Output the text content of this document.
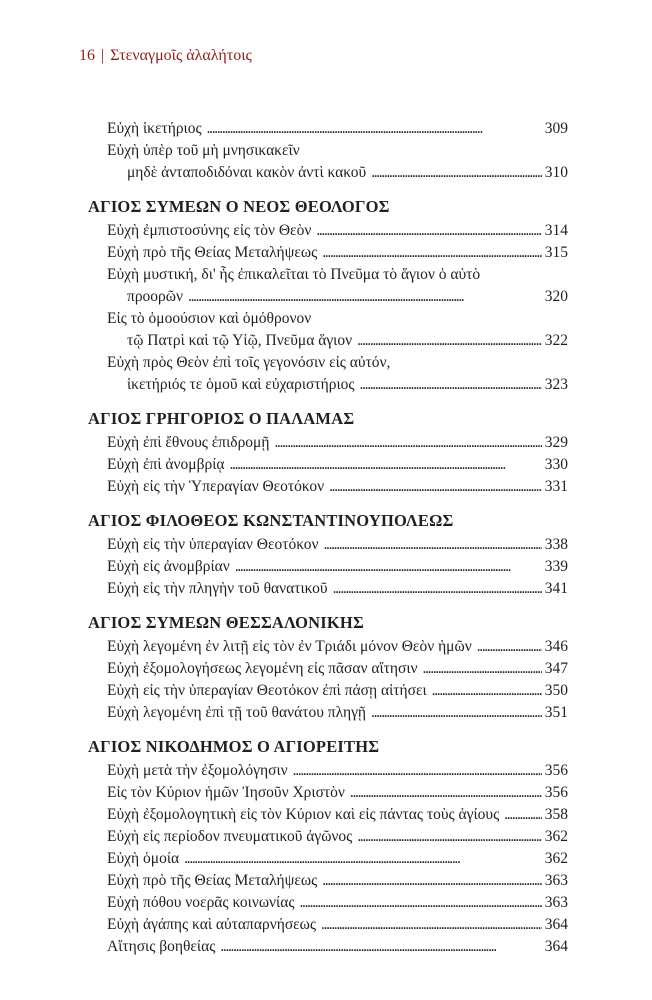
16 | Στεναγμοῖς ἀλαλήτοις
Εὐχὴ ἱκετήριος . . .	309
Εὐχὴ ὑπὲρ τοῦ μὴ μνησικακεῖν
μηδὲ ἀνταποδιδόναι κακὸν ἀντὶ κακοῦ . . .	310
ΑΓΙΟΣ ΣΥΜΕΩΝ Ο ΝΕΟΣ ΘΕΟΛΟΓΟΣ
Εὐχὴ ἐμπιστοσύνης εἰς τὸν Θεὸν . . .	314
Εὐχὴ πρὸ τῆς Θείας Μεταλήψεως . . .	315
Εὐχὴ μυστική, δι' ἧς ἐπικαλεῖται τὸ Πνεῦμα τὸ ἅγιον ὁ αὐτὸ
προορῶν . . .	320
Εἰς τὸ ὁμοούσιον καὶ ὁμόθρονον
τῷ Πατρὶ καὶ τῷ Υἱῷ, Πνεῦμα ἅγιον . . .	322
Εὐχὴ πρὸς Θεὸν ἐπὶ τοῖς γεγονόσιν εἰς αὐτόν,
ἱκετήριός τε ὁμοῦ καὶ εὐχαριστήριος . . .	323
ΑΓΙΟΣ ΓΡΗΓΟΡΙΟΣ Ο ΠΑΛΑΜΑΣ
Εὐχὴ ἐπὶ ἔθνους ἐπιδρομῇ . . .	329
Εὐχὴ ἐπὶ ἀνομβρίᾳ . . .	330
Εὐχὴ εἰς τὴν Ὑπεραγίαν Θεοτόκον . . .	331
ΑΓΙΟΣ ΦΙΛΟΘΕΟΣ ΚΩΝΣΤΑΝΤΙΝΟΥΠΟΛΕΩΣ
Εὐχὴ εἰς τὴν ὑπεραγίαν Θεοτόκον . . .	338
Εὐχὴ εἰς ἀνομβρίαν . . .	339
Εὐχὴ εἰς τὴν πληγὴν τοῦ θανατικοῦ . . .	341
ΑΓΙΟΣ ΣΥΜΕΩΝ ΘΕΣΣΑΛΟΝΙΚΗΣ
Εὐχὴ λεγομένη ἐν λιτῇ εἰς τὸν ἐν Τριάδι μόνον Θεὸν ἡμῶν . . .	346
Εὐχὴ ἐξομολογήσεως λεγομένη εἰς πᾶσαν αἴτησιν . . .	347
Εὐχὴ εἰς τὴν ὑπεραγίαν Θεοτόκον ἐπὶ πάσῃ αἰτήσει . . .	350
Εὐχὴ λεγομένη ἐπὶ τῇ τοῦ θανάτου πληγῇ . . .	351
ΑΓΙΟΣ ΝΙΚΟΔΗΜΟΣ Ο ΑΓΙΟΡΕΙΤΗΣ
Εὐχὴ μετὰ τὴν ἐξομολόγησιν . . .	356
Εἰς τὸν Κύριον ἡμῶν Ἰησοῦν Χριστὸν . . .	356
Εὐχὴ ἐξομολογητικὴ εἰς τὸν Κύριον καὶ εἰς πάντας τοὺς ἁγίους . . .	358
Εὐχὴ εἰς περίοδον πνευματικοῦ ἀγῶνος . . .	362
Εὐχὴ ὁμοία . . .	362
Εὐχὴ πρὸ τῆς Θείας Μεταλήψεως . . .	363
Εὐχὴ πόθου νοερᾶς κοινωνίας . . .	363
Εὐχὴ ἀγάπης καὶ αὐταπαρνήσεως . . .	364
Αἴτησις βοηθείας . . .	364
